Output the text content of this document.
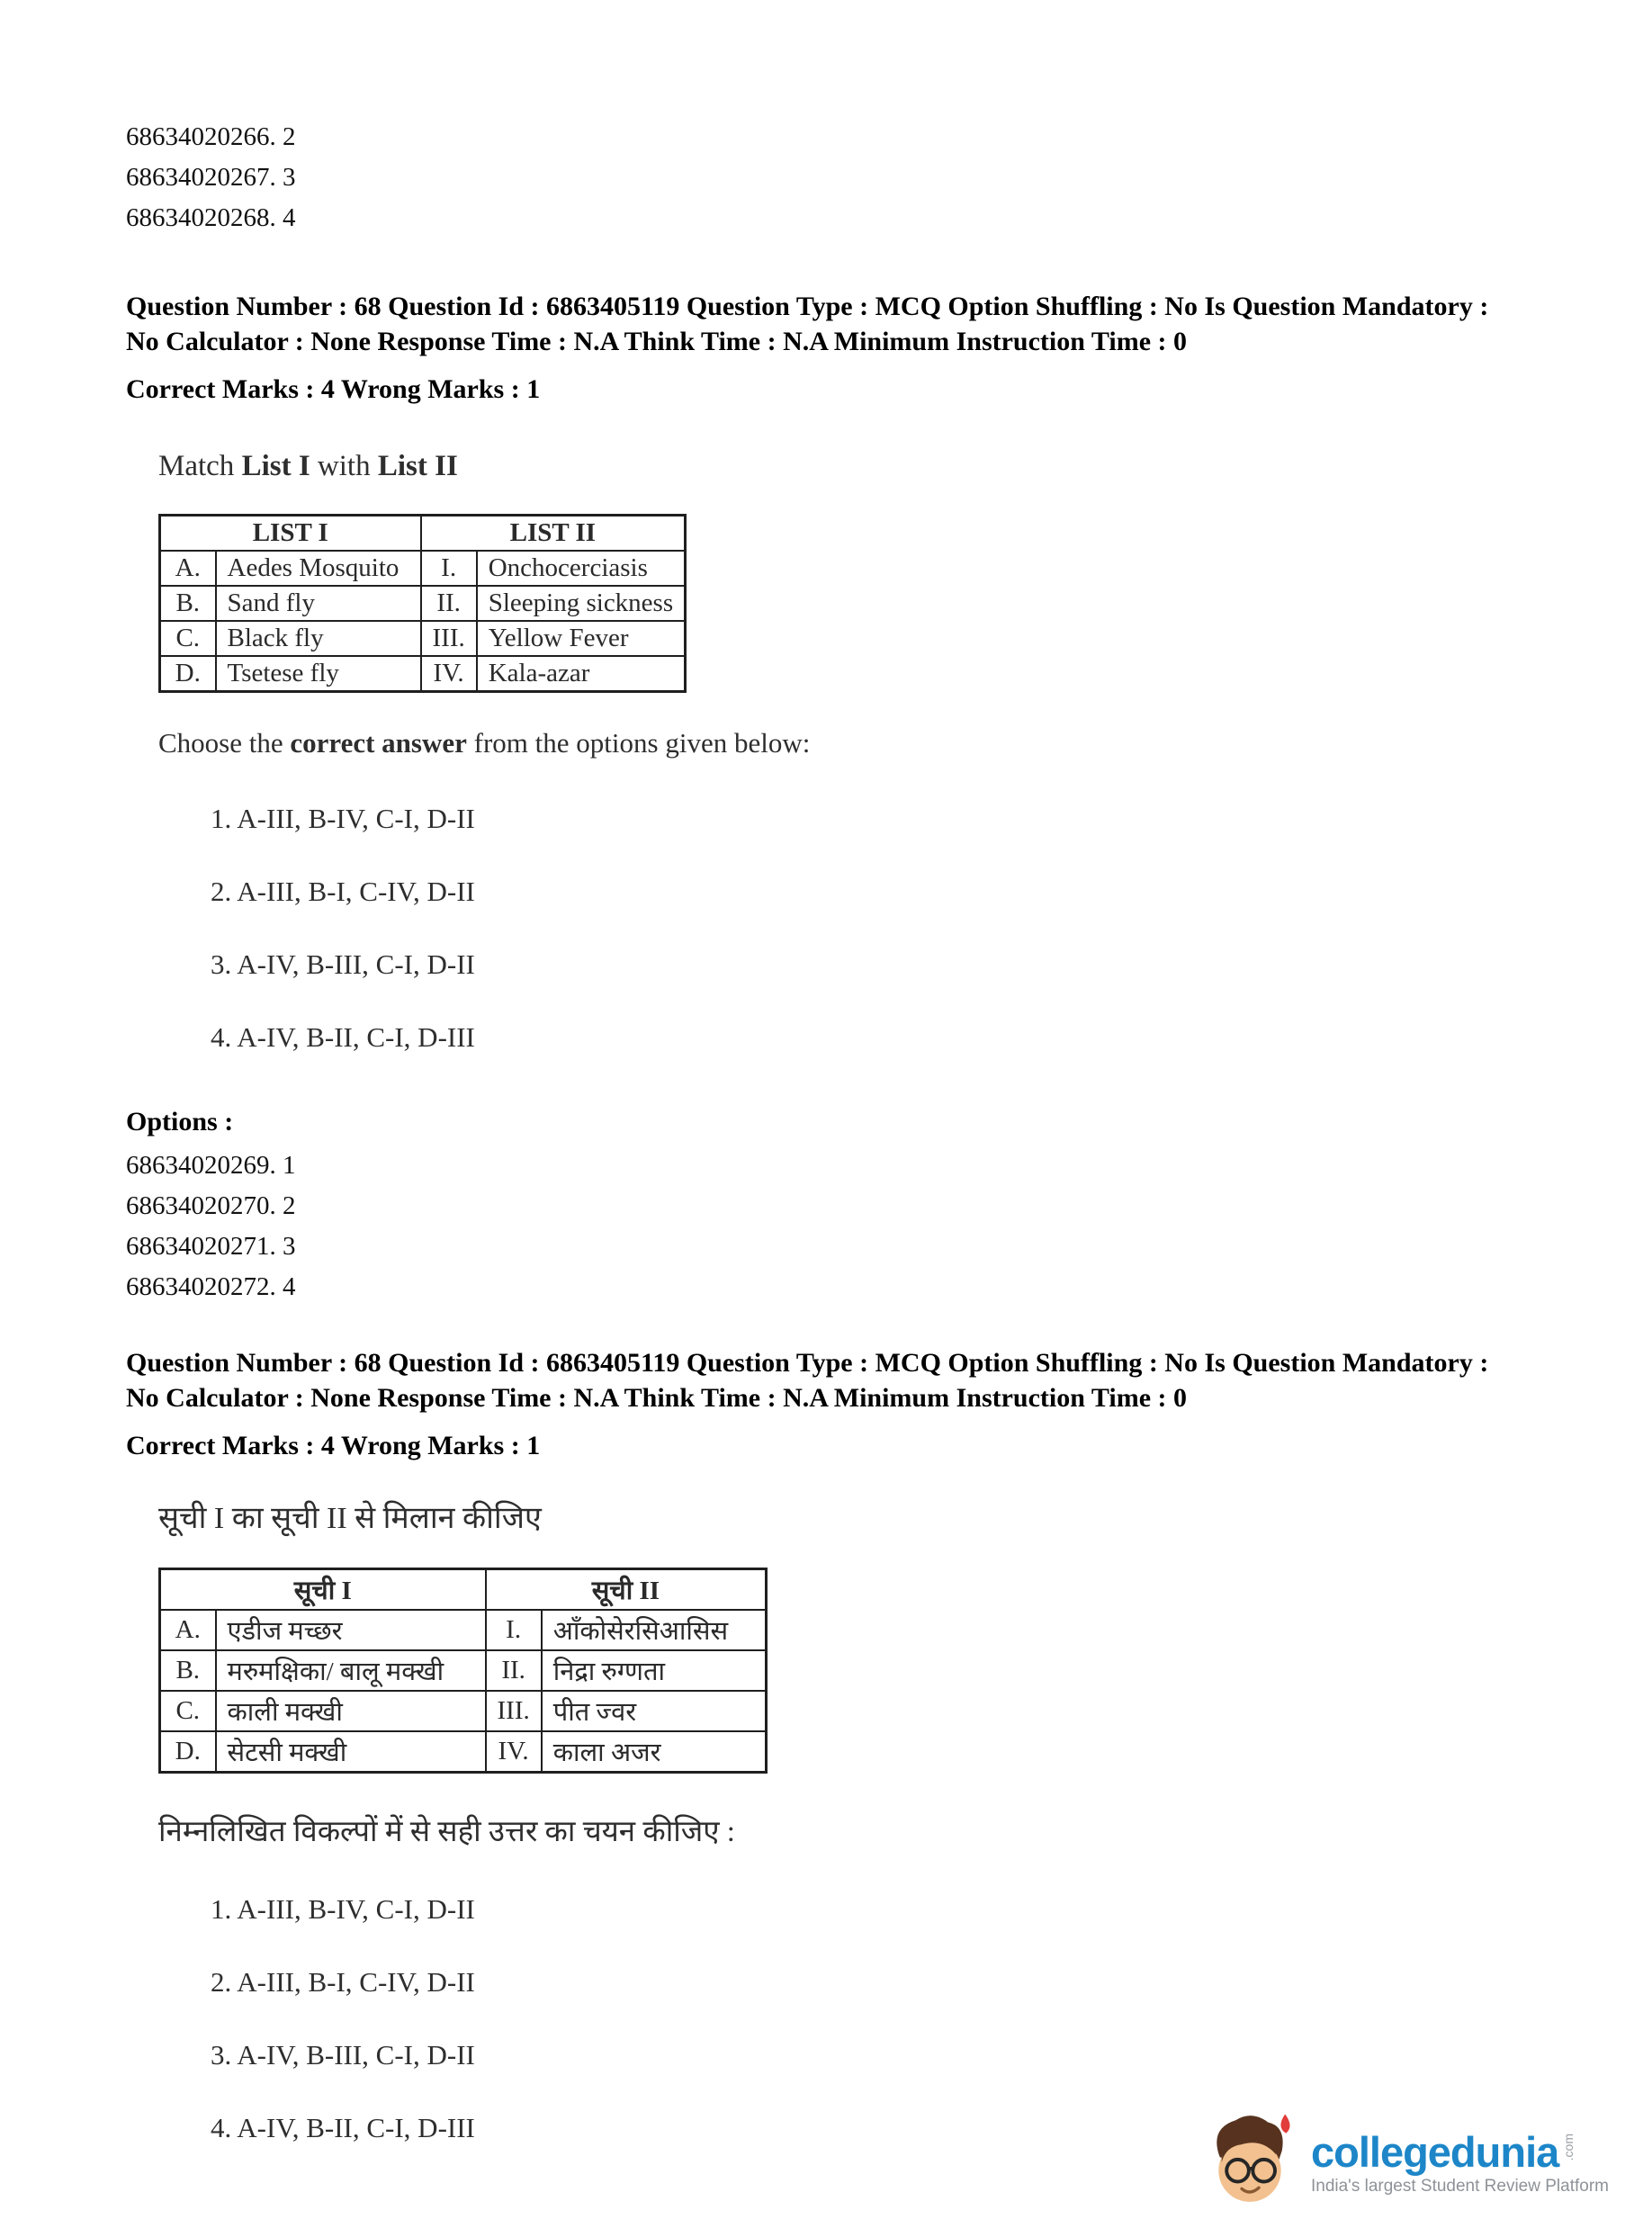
68634020266. 2
68634020267. 3
68634020268. 4
Question Number : 68 Question Id : 6863405119 Question Type : MCQ Option Shuffling : No Is Question Mandatory :
No Calculator : None Response Time : N.A Think Time : N.A Minimum Instruction Time : 0
Correct Marks : 4 Wrong Marks : 1
Match List I with List II
LIST I		LIST II	
A.	Aedes Mosquito	I.	Onchocerciasis
B.	Sand fly	II.	Sleeping sickness
C.	Black fly	III.	Yellow Fever
D.	Tsetese fly	IV.	Kala-azar
Choose the correct answer from the options given below:
1. A-III, B-IV, C-I, D-II
2. A-III, B-I, C-IV, D-II
3. A-IV, B-III, C-I, D-II
4. A-IV, B-II, C-I, D-III
Options :
68634020269. 1
68634020270. 2
68634020271. 3
68634020272. 4
Question Number : 68 Question Id : 6863405119 Question Type : MCQ Option Shuffling : No Is Question Mandatory :
No Calculator : None Response Time : N.A Think Time : N.A Minimum Instruction Time : 0
Correct Marks : 4 Wrong Marks : 1
सूची I का सूची II से मिलान कीजिए
सूची I		सूची II	
A.	एडीज मच्छर	I.	ऑंकोसेरसिआसिस
B.	मरुमक्षिका/ बालू मक्खी	II.	निद्रा रुग्णता
C.	काली मक्खी	III.	पीत ज्वर
D.	सेटसी मक्खी	IV.	काला अजर
निम्नलिखित विकल्पों में से सही उत्तर का चयन कीजिए :
1. A-III, B-IV, C-I, D-II
2. A-III, B-I, C-IV, D-II
3. A-IV, B-III, C-I, D-II
4. A-IV, B-II, C-I, D-III	collegedunia .com
India's largest Student Review Platform
